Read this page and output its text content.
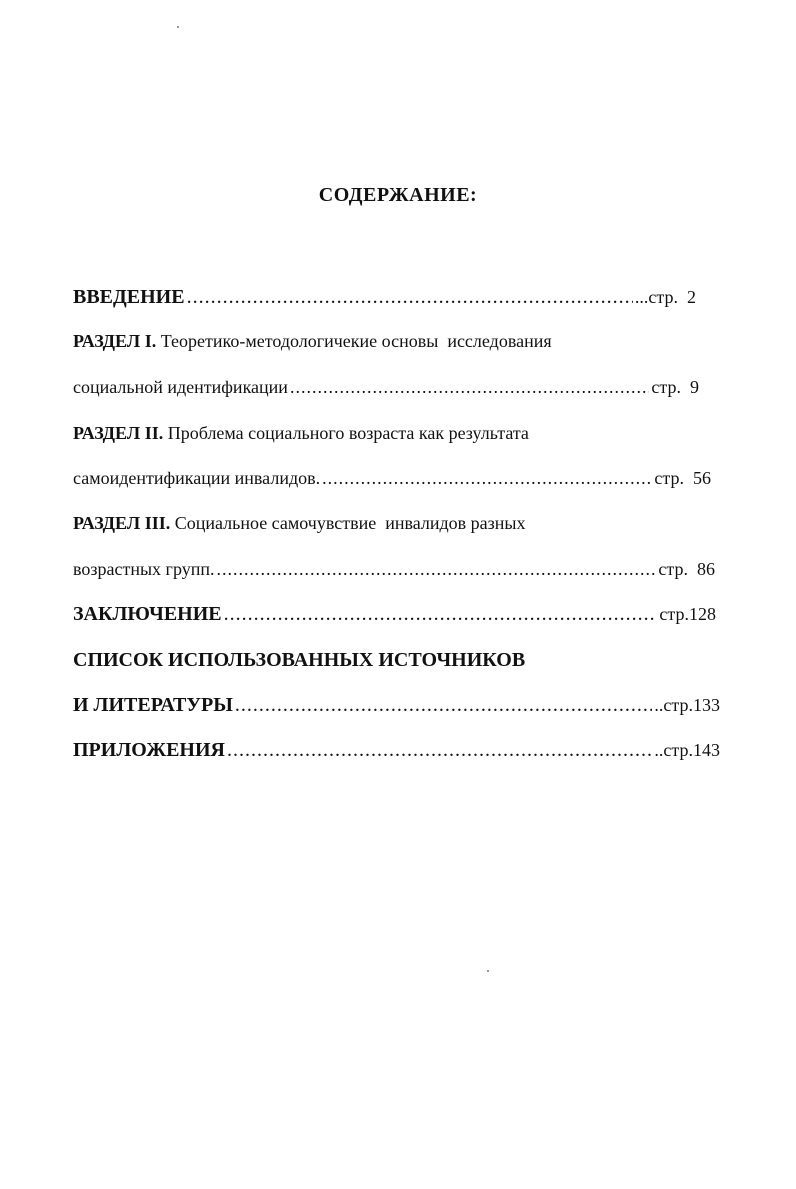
СОДЕРЖАНИЕ:
ВВЕДЕНИЕ .....	...стр.  2
РАЗДЕЛ I. Теоретико-методологичекие основы  исследования
социальной идентификации .....	стр.  9
РАЗДЕЛ II. Проблема социального возраста как результата
самоидентификации инвалидов. .....	стр.  56
РАЗДЕЛ III. Социальное самочувствие  инвалидов разных
возрастных групп. .....	стр.  86
ЗАКЛЮЧЕНИЕ .....	стр.128
СПИСОК ИСПОЛЬЗОВАННЫХ ИСТОЧНИКОВ
И ЛИТЕРАТУРЫ .....	..стр.133
ПРИЛОЖЕНИЯ .....	..стр.143
